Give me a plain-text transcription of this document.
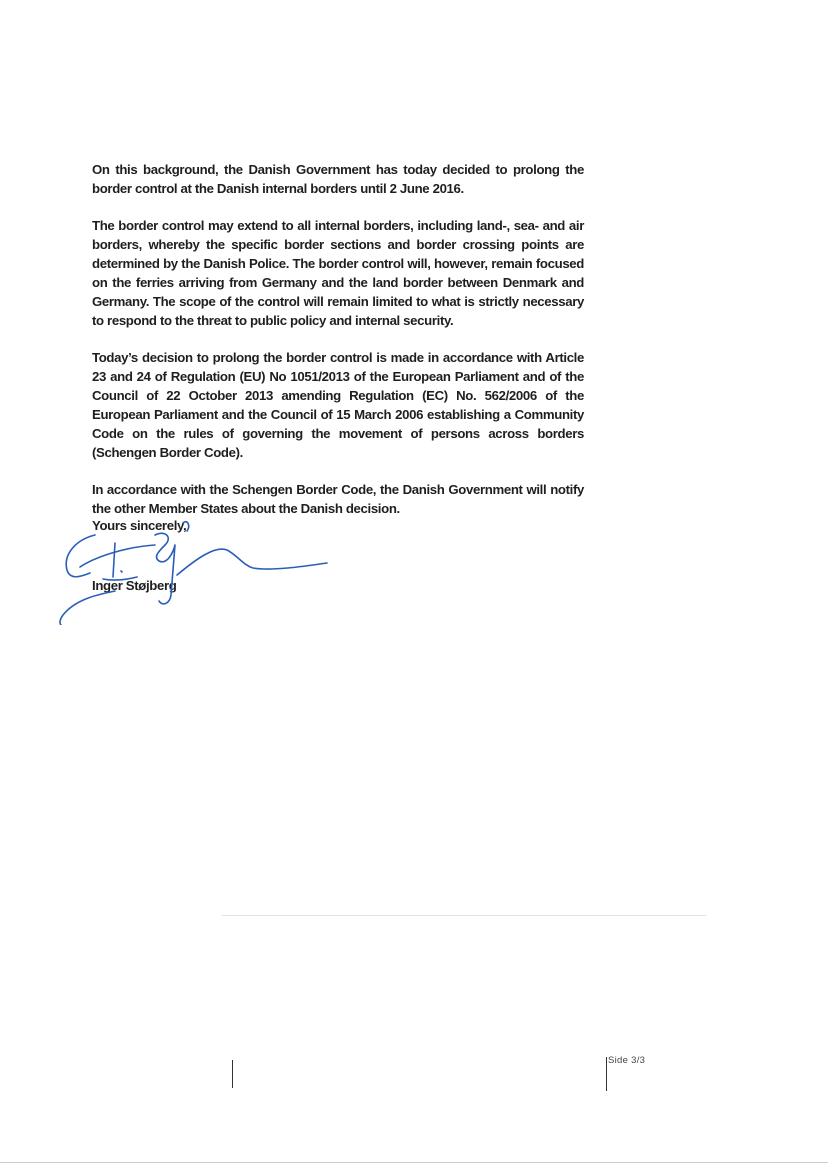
On this background, the Danish Government has today decided to prolong the border control at the Danish internal borders until 2 June 2016.

The border control may extend to all internal borders, including land-, sea- and air borders, whereby the specific border sections and border crossing points are determined by the Danish Police. The border control will, however, remain focused on the ferries arriving from Germany and the land border between Denmark and Germany. The scope of the control will remain limited to what is strictly necessary to respond to the threat to public policy and internal security.

Today’s decision to prolong the border control is made in accordance with Article 23 and 24 of Regulation (EU) No 1051/2013 of the European Parliament and of the Council of 22 October 2013 amending Regulation (EC) No. 562/2006 of the European Parliament and the Council of 15 March 2006 establishing a Community Code on the rules of governing the movement of persons across borders (Schengen Border Code).

In accordance with the Schengen Border Code, the Danish Government will notify the other Member States about the Danish decision.

Yours sincerely,
Inger Støjberg
Side 3/3
